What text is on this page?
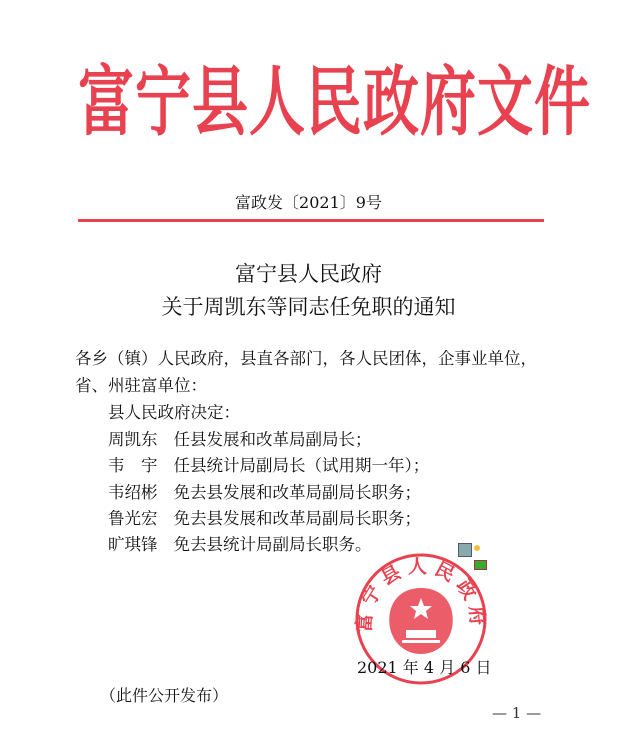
富宁县人民政府文件
富政发〔2021〕9号
富宁县人民政府
关于周凯东等同志任免职的通知
各乡（镇）人民政府，县直各部门，各人民团体，企事业单位，
省、州驻富单位：
县人民政府决定：
周凯东 任县发展和改革局副局长；
韦　宇 任县统计局副局长（试用期一年）；
韦绍彬 免去县发展和改革局副局长职务；
鲁光宏 免去县发展和改革局副局长职务；
旷琪锋 免去县统计局副局长职务。
富宁县人民政府
2021 年 4 月 6 日
（此件公开发布）
— 1 —
